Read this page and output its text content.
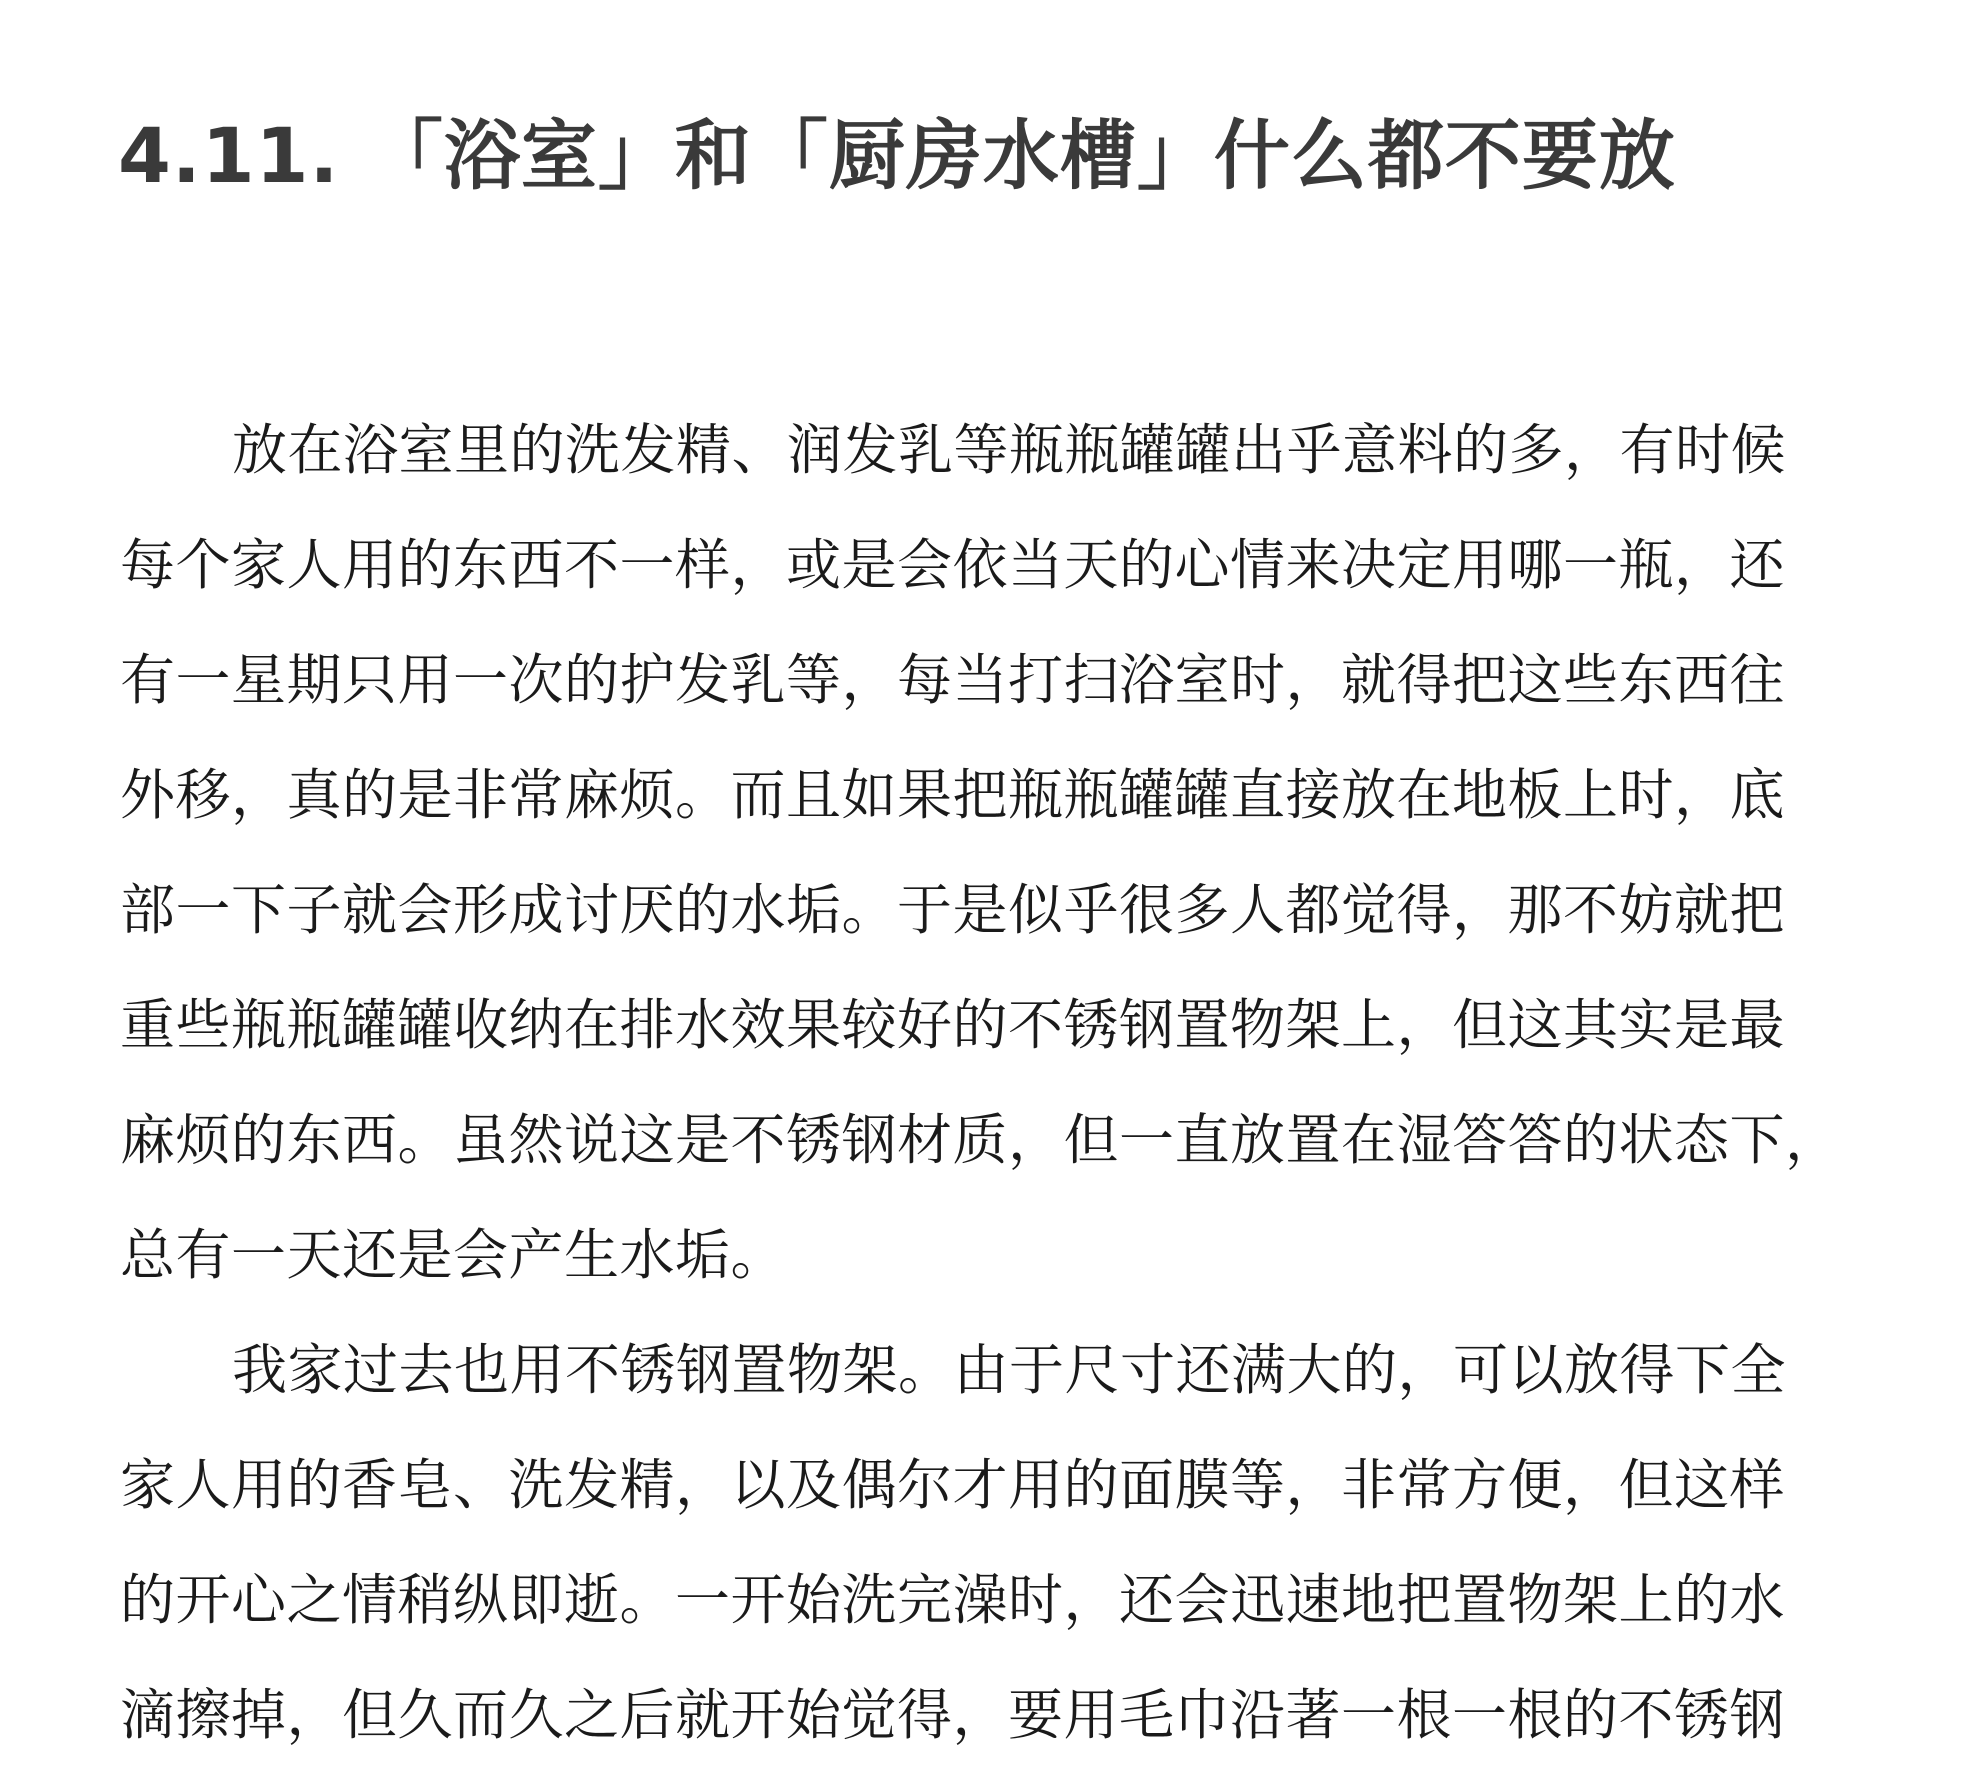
4.11. 「浴室」和「厨房水槽」什么都不要放
放在浴室里的洗发精、润发乳等瓶瓶罐罐出乎意料的多，有时候
每个家人用的东西不一样，或是会依当天的心情来决定用哪一瓶，还
有一星期只用一次的护发乳等，每当打扫浴室时，就得把这些东西往
外移，真的是非常麻烦。而且如果把瓶瓶罐罐直接放在地板上时，底
部一下子就会形成讨厌的水垢。于是似乎很多人都觉得，那不妨就把
重些瓶瓶罐罐收纳在排水效果较好的不锈钢置物架上，但这其实是最
麻烦的东西。虽然说这是不锈钢材质，但一直放置在湿答答的状态下，
总有一天还是会产生水垢。
我家过去也用不锈钢置物架。由于尺寸还满大的，可以放得下全
家人用的香皂、洗发精，以及偶尔才用的面膜等，非常方便，但这样
的开心之情稍纵即逝。一开始洗完澡时，还会迅速地把置物架上的水
滴擦掉，但久而久之后就开始觉得，要用毛巾沿著一根一根的不锈钢
